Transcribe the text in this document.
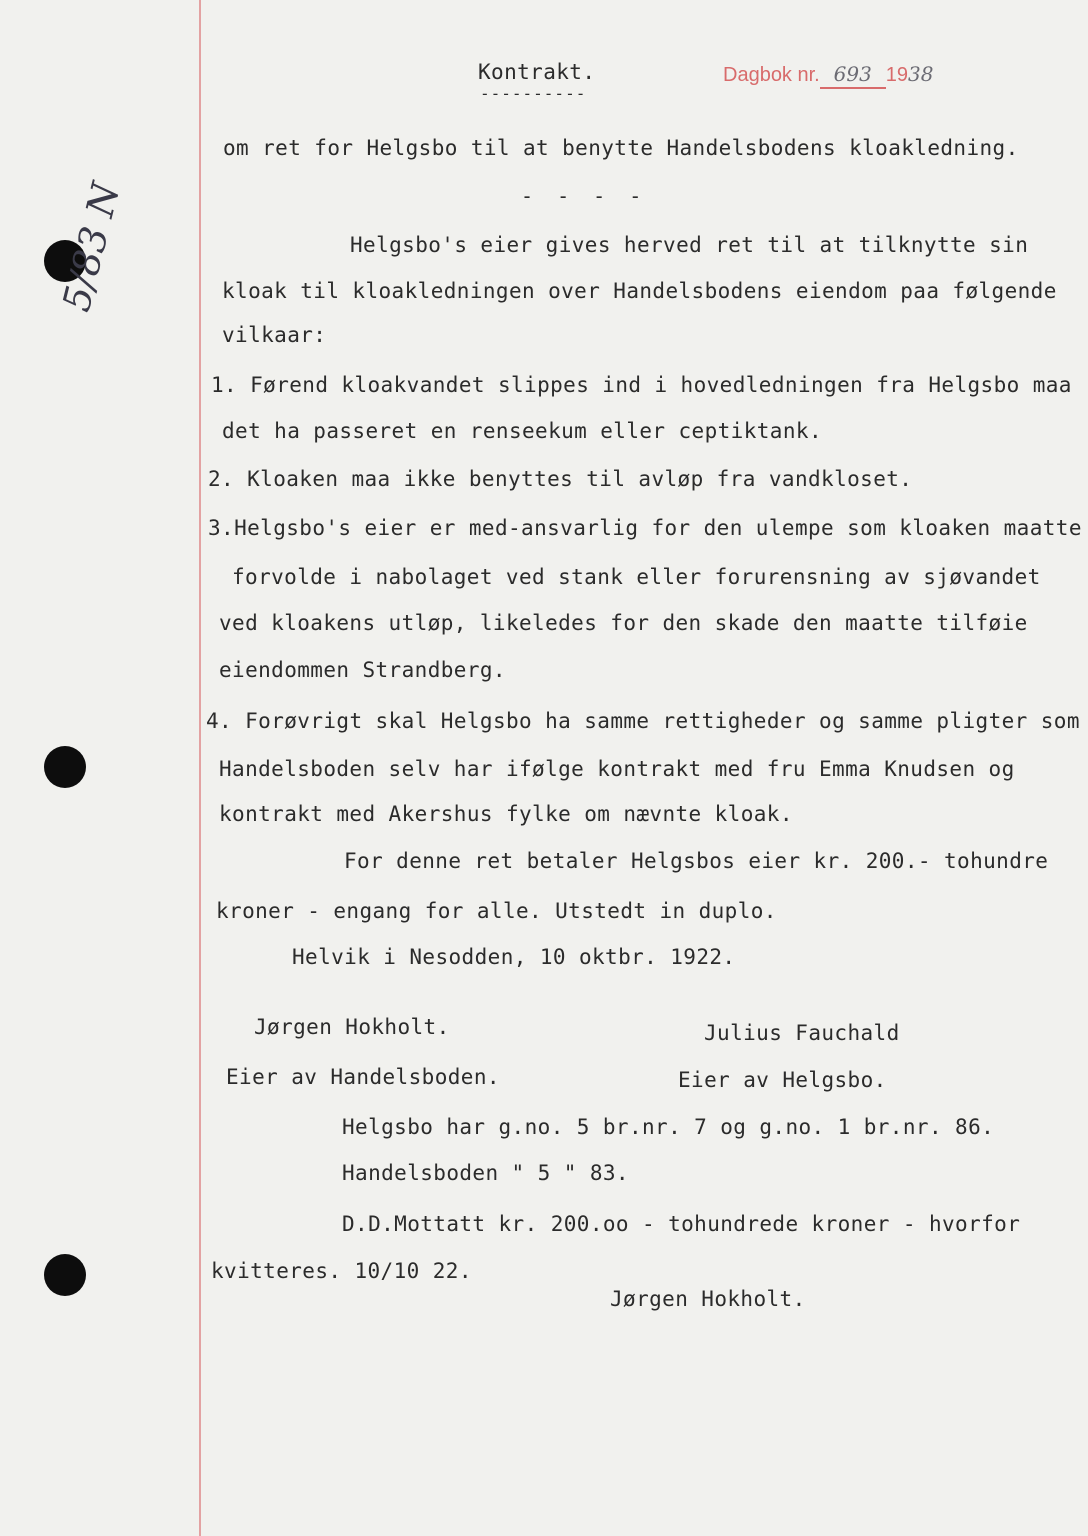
5/83 N
Kontrakt.
----------
Dagbok nr. 693 1938
om ret for Helgsbo til at benytte Handelsbodens kloakledning.
- - - -
Helgsbo's eier gives herved ret til at tilknytte sin
kloak til kloakledningen over Handelsbodens eiendom paa følgende
vilkaar:
1. Førend kloakvandet slippes ind i hovedledningen fra Helgsbo maa
det ha passeret en renseekum eller ceptiktank.
2. Kloaken maa ikke benyttes til avløp fra vandkloset.
3.Helgsbo's eier er med-ansvarlig for den ulempe som kloaken maatte
forvolde i nabolaget ved stank eller forurensning av sjøvandet
ved kloakens utløp, likeledes for den skade den maatte tilføie
eiendommen Strandberg.
4. Forøvrigt skal Helgsbo ha samme rettigheder og samme pligter som
Handelsboden selv har ifølge kontrakt med fru Emma Knudsen og
kontrakt med Akershus fylke om nævnte kloak.
For denne ret betaler Helgsbos eier kr. 200.- tohundre
kroner - engang for alle. Utstedt in duplo.
Helvik i Nesodden, 10 oktbr. 1922.
Jørgen Hokholt.	Julius Fauchald
Eier av Handelsboden.	Eier av Helgsbo.
Helgsbo har g.no. 5 br.nr. 7 og g.no. 1 br.nr. 86.
Handelsboden " 5 " 83.
D.D.Mottatt kr. 200.oo - tohundrede kroner - hvorfor
kvitteres. 10/10 22.
Jørgen Hokholt.
